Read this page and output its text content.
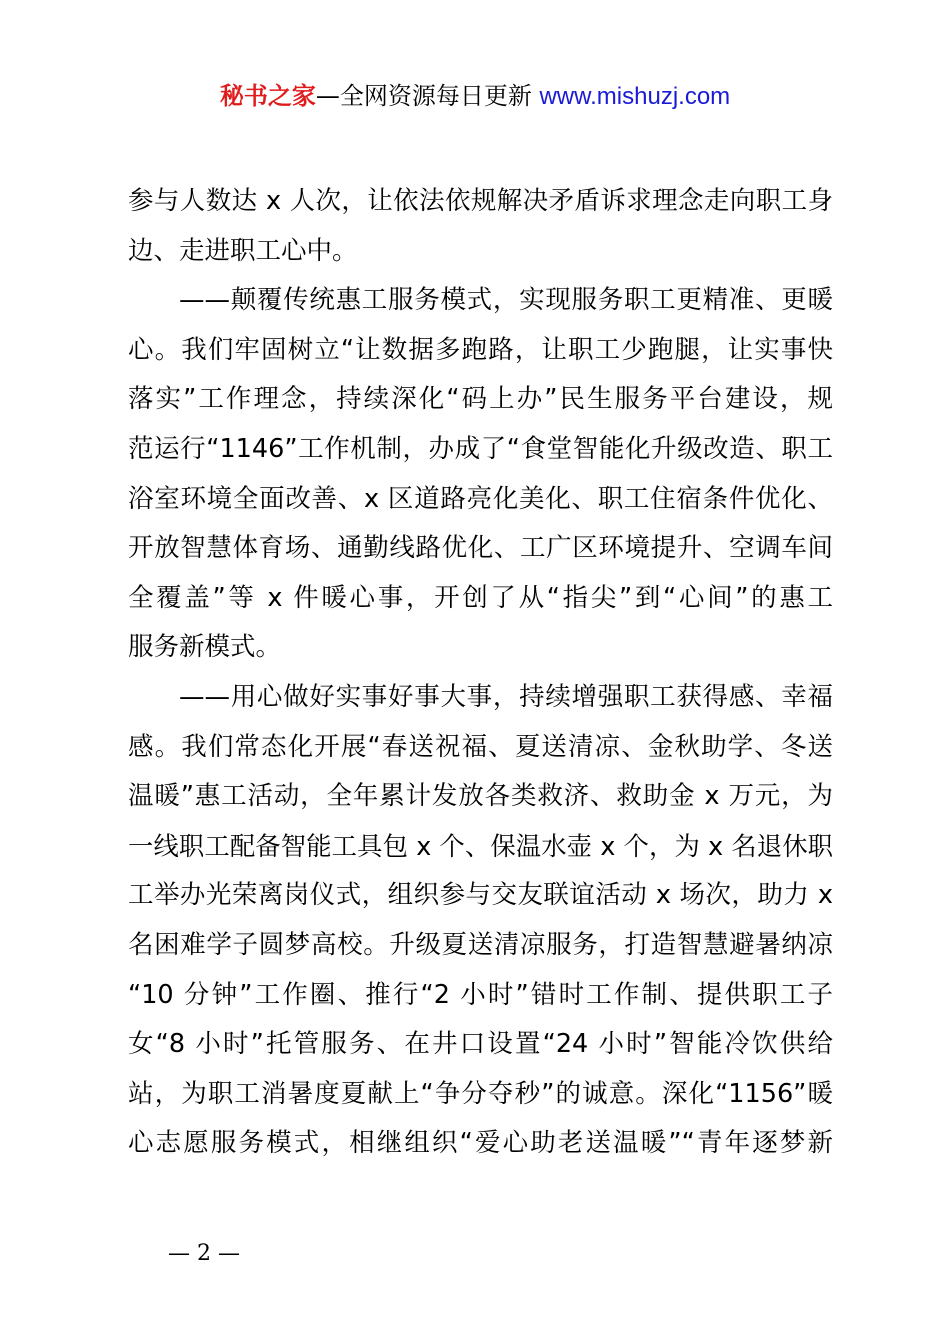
秘书之家—全网资源每日更新 www.mishuzj.com
参与人数达 x 人次，让依法依规解决矛盾诉求理念走向职工身
边、走进职工心中。
——颠覆传统惠工服务模式，实现服务职工更精准、更暖
心。我们牢固树立“让数据多跑路，让职工少跑腿，让实事快
落实”工作理念，持续深化“码上办”民生服务平台建设，规
范运行“1146”工作机制，办成了“食堂智能化升级改造、职工
浴室环境全面改善、x 区道路亮化美化、职工住宿条件优化、
开放智慧体育场、通勤线路优化、工广区环境提升、空调车间
全覆盖”等 x 件暖心事，开创了从“指尖”到“心间”的惠工
服务新模式。
——用心做好实事好事大事，持续增强职工获得感、幸福
感。我们常态化开展“春送祝福、夏送清凉、金秋助学、冬送
温暖”惠工活动，全年累计发放各类救济、救助金 x 万元，为
一线职工配备智能工具包 x 个、保温水壶 x 个，为 x 名退休职
工举办光荣离岗仪式，组织参与交友联谊活动 x 场次，助力 x
名困难学子圆梦高校。升级夏送清凉服务，打造智慧避暑纳凉
“10 分钟”工作圈、推行“2 小时”错时工作制、提供职工子
女“8 小时”托管服务、在井口设置“24 小时”智能冷饮供给
站，为职工消暑度夏献上“争分夺秒”的诚意。深化“1156”暖
心志愿服务模式，相继组织“爱心助老送温暖”“青年逐梦新
— 2 —
